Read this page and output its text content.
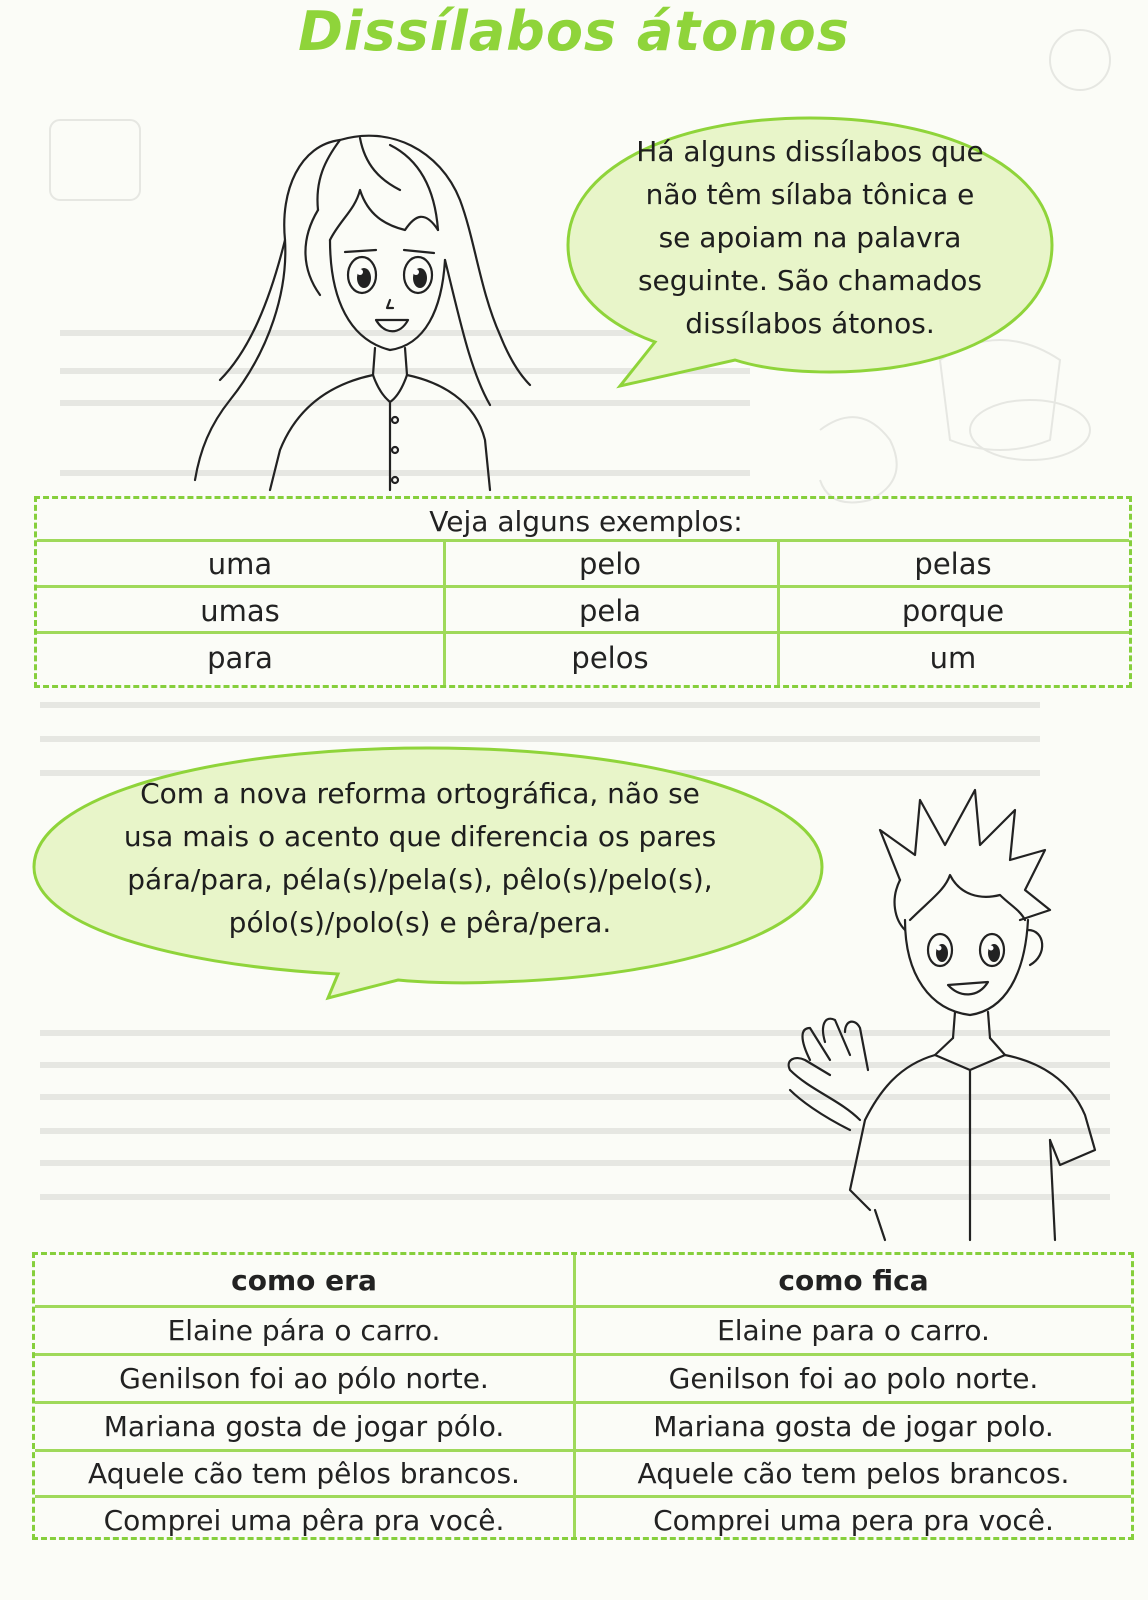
Dissílabos átonos
Há alguns dissílabos que
não têm sílaba tônica e
se apoiam na palavra
seguinte. São chamados
dissílabos átonos.
Veja alguns exemplos:
uma	pelo	pelas
umas	pela	porque
para	pelos	um
Com a nova reforma ortográfica, não se
usa mais o acento que diferencia os pares
pára/para, péla(s)/pela(s), pêlo(s)/pelo(s),
pólo(s)/polo(s) e pêra/pera.
como era	como fica
Elaine pára o carro.	Elaine para o carro.
Genilson foi ao pólo norte.	Genilson foi ao polo norte.
Mariana gosta de jogar pólo.	Mariana gosta de jogar polo.
Aquele cão tem pêlos brancos.	Aquele cão tem pelos brancos.
Comprei uma pêra pra você.	Comprei uma pera pra você.
